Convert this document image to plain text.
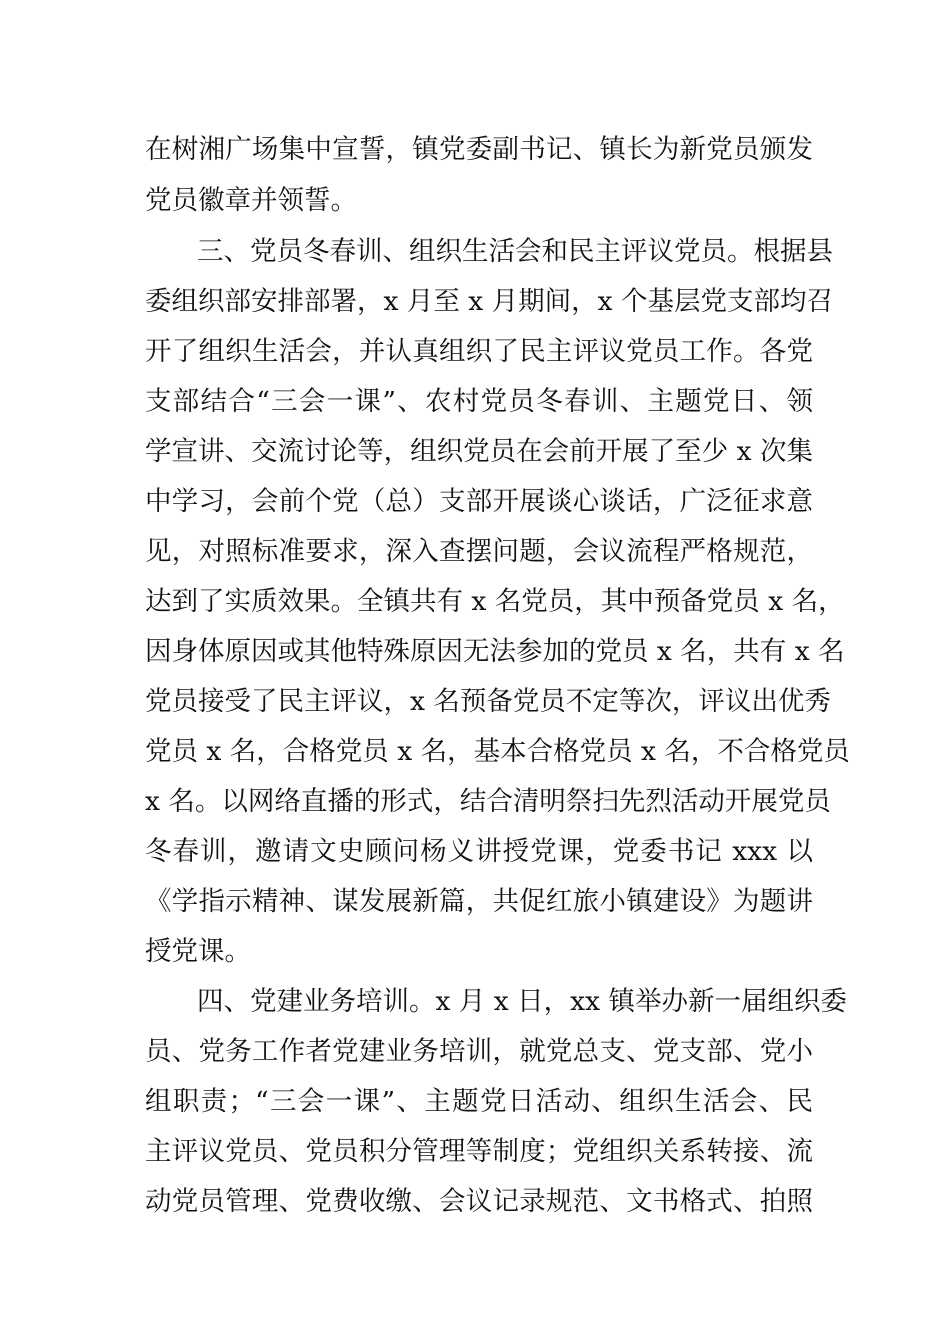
在树湘广场集中宣誓，镇党委副书记、镇长为新党员颁发
党员徽章并领誓。
三、党员冬春训、组织生活会和民主评议党员。根据县
委组织部安排部署，x 月至 x 月期间，x 个基层党支部均召
开了组织生活会，并认真组织了民主评议党员工作。各党
支部结合“三会一课”、农村党员冬春训、主题党日、领
学宣讲、交流讨论等，组织党员在会前开展了至少 x 次集
中学习，会前个党（总）支部开展谈心谈话，广泛征求意
见，对照标准要求，深入查摆问题，会议流程严格规范，
达到了实质效果。全镇共有 x 名党员，其中预备党员 x 名，
因身体原因或其他特殊原因无法参加的党员 x 名，共有 x 名
党员接受了民主评议，x 名预备党员不定等次，评议出优秀
党员 x 名，合格党员 x 名，基本合格党员 x 名，不合格党员
x 名。以网络直播的形式，结合清明祭扫先烈活动开展党员
冬春训，邀请文史顾问杨义讲授党课，党委书记 xxx 以
《学指示精神、谋发展新篇，共促红旅小镇建设》为题讲
授党课。
四、党建业务培训。x 月 x 日，xx 镇举办新一届组织委
员、党务工作者党建业务培训，就党总支、党支部、党小
组职责；“三会一课”、主题党日活动、组织生活会、民
主评议党员、党员积分管理等制度；党组织关系转接、流
动党员管理、党费收缴、会议记录规范、文书格式、拍照
